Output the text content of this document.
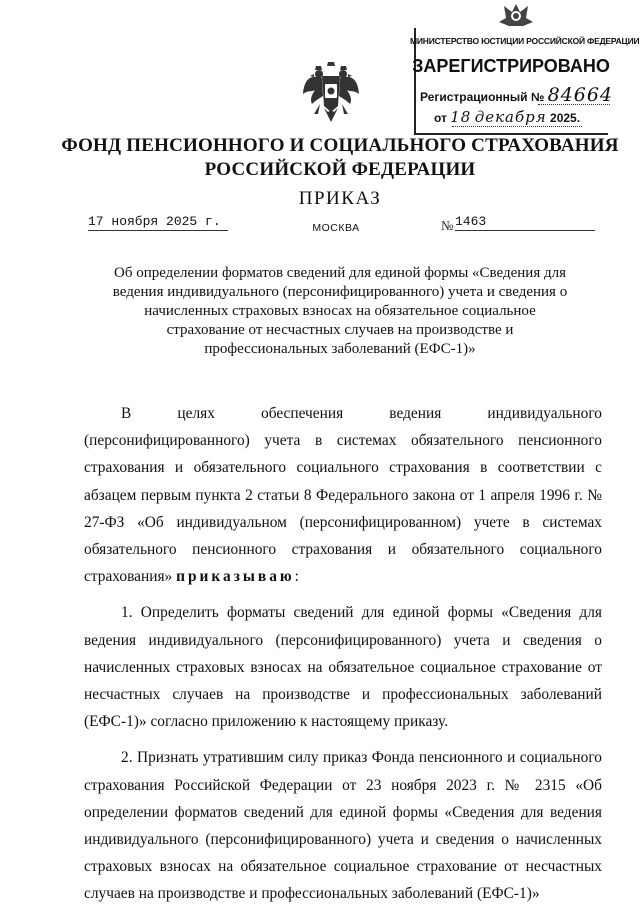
МИНИСТЕРСТВО ЮСТИЦИИ РОССИЙСКОЙ ФЕДЕРАЦИИ
ЗАРЕГИСТРИРОВАНО
Регистрационный № 84664
от 18 декабря 2025.
ФОНД ПЕНСИОННОГО И СОЦИАЛЬНОГО СТРАХОВАНИЯ
РОССИЙСКОЙ ФЕДЕРАЦИИ
ПРИКАЗ
17 ноября 2025 г.	МОСКВА	№ 1463
Об определении форматов сведений для единой формы «Сведения для
ведения индивидуального (персонифицированного) учета и сведения о
начисленных страховых взносах на обязательное социальное
страхование от несчастных случаев на производстве и
профессиональных заболеваний (ЕФС-1)»

В целях обеспечения ведения индивидуального (персонифицированного) учета в системах обязательного пенсионного страхования и обязательного социального страхования в соответствии с абзацем первым пункта 2 статьи 8 Федерального закона от 1 апреля 1996 г. № 27-ФЗ «Об индивидуальном (персонифицированном) учете в системах обязательного пенсионного страхования и обязательного социального страхования» приказываю:

1. Определить форматы сведений для единой формы «Сведения для ведения индивидуального (персонифицированного) учета и сведения о начисленных страховых взносах на обязательное социальное страхование от несчастных случаев на производстве и профессиональных заболеваний (ЕФС-1)» согласно приложению к настоящему приказу.

2. Признать утратившим силу приказ Фонда пенсионного и социального страхования Российской Федерации от 23 ноября 2023 г. № 2315 «Об определении форматов сведений для единой формы «Сведения для ведения индивидуального (персонифицированного) учета и сведения о начисленных страховых взносах на обязательное социальное страхование от несчастных случаев на производстве и профессиональных заболеваний (ЕФС-1)»
